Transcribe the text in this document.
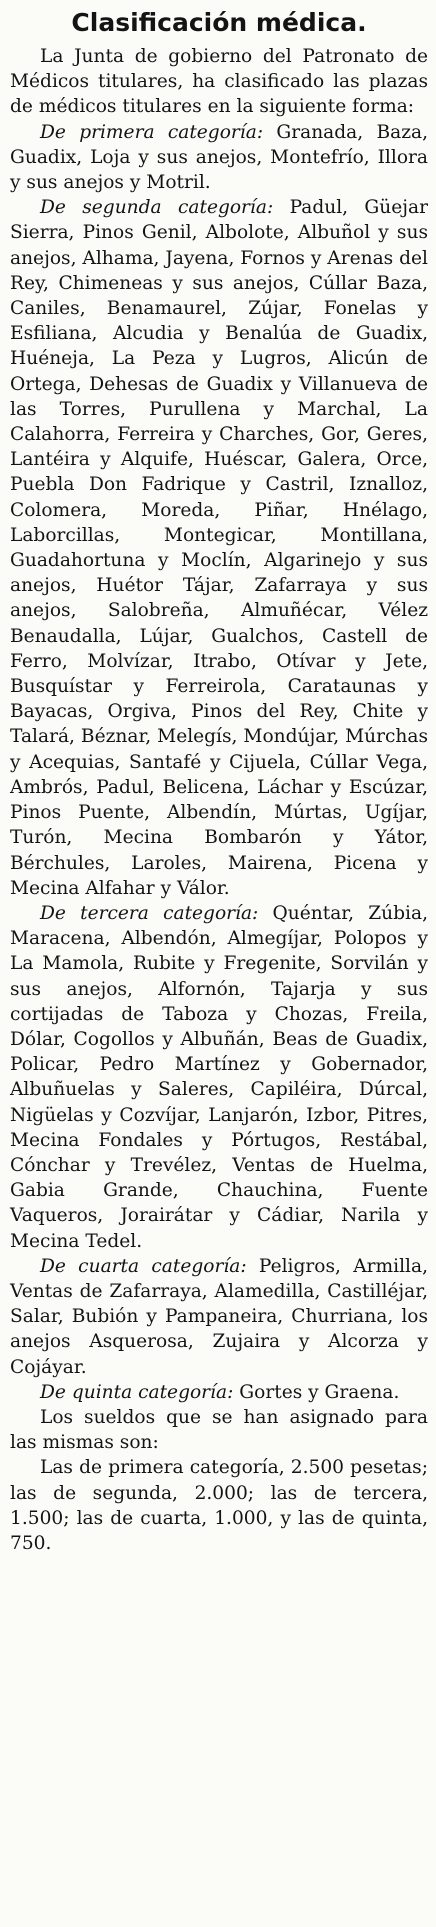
Clasificación médica.

La Junta de gobierno del Patronato de Médicos titulares, ha clasificado las plazas de médicos titulares en la siguiente forma:

De primera categoría: Granada, Baza, Guadix, Loja y sus anejos, Montefrío, Illora y sus anejos y Motril.

De segunda categoría: Padul, Güejar Sierra, Pinos Genil, Albolote, Albuñol y sus anejos, Alhama, Jayena, Fornos y Arenas del Rey, Chimeneas y sus anejos, Cúllar Baza, Caniles, Benamaurel, Zújar, Fonelas y Esfiliana, Alcudia y Benalúa de Guadix, Huéneja, La Peza y Lugros, Alicún de Ortega, Dehesas de Guadix y Villanueva de las Torres, Purullena y Marchal, La Calahorra, Ferreira y Charches, Gor, Geres, Lantéira y Alquife, Huéscar, Galera, Orce, Puebla Don Fadrique y Castril, Iznalloz, Colomera, Moreda, Piñar, Hnélago, Laborcillas, Montegicar, Montillana, Guadahortuna y Moclín, Algarinejo y sus anejos, Huétor Tájar, Zafarraya y sus anejos, Salobreña, Almuñécar, Vélez Benaudalla, Lújar, Gualchos, Castell de Ferro, Molvízar, Itrabo, Otívar y Jete, Busquístar y Ferreirola, Carataunas y Bayacas, Orgiva, Pinos del Rey, Chite y Talará, Béznar, Melegís, Mondújar, Múrchas y Acequias, Santafé y Cijuela, Cúllar Vega, Ambrós, Padul, Belicena, Láchar y Escúzar, Pinos Puente, Albendín, Múrtas, Ugíjar, Turón, Mecina Bombarón y Yátor, Bérchules, Laroles, Mairena, Picena y Mecina Alfahar y Válor.

De tercera categoría: Quéntar, Zúbia, Maracena, Albendón, Almegíjar, Polopos y La Mamola, Rubite y Fregenite, Sorvilán y sus anejos, Alfornón, Tajarja y sus cortijadas de Taboza y Chozas, Freila, Dólar, Cogollos y Albuñán, Beas de Guadix, Policar, Pedro Martínez y Gobernador, Albuñuelas y Saleres, Capiléira, Dúrcal, Nigüelas y Cozvíjar, Lanjarón, Izbor, Pitres, Mecina Fondales y Pórtugos, Restábal, Cónchar y Trevélez, Ventas de Huelma, Gabia Grande, Chauchina, Fuente Vaqueros, Jorairátar y Cádiar, Narila y Mecina Tedel.

De cuarta categoría: Peligros, Armilla, Ventas de Zafarraya, Alamedilla, Castilléjar, Salar, Bubión y Pampaneira, Churriana, los anejos Asquerosa, Zujaira y Alcorza y Cojáyar.

De quinta categoría: Gortes y Graena.

Los sueldos que se han asignado para las mismas son:

Las de primera categoría, 2.500 pesetas; las de segunda, 2.000; las de tercera, 1.500; las de cuarta, 1.000, y las de quinta, 750.
